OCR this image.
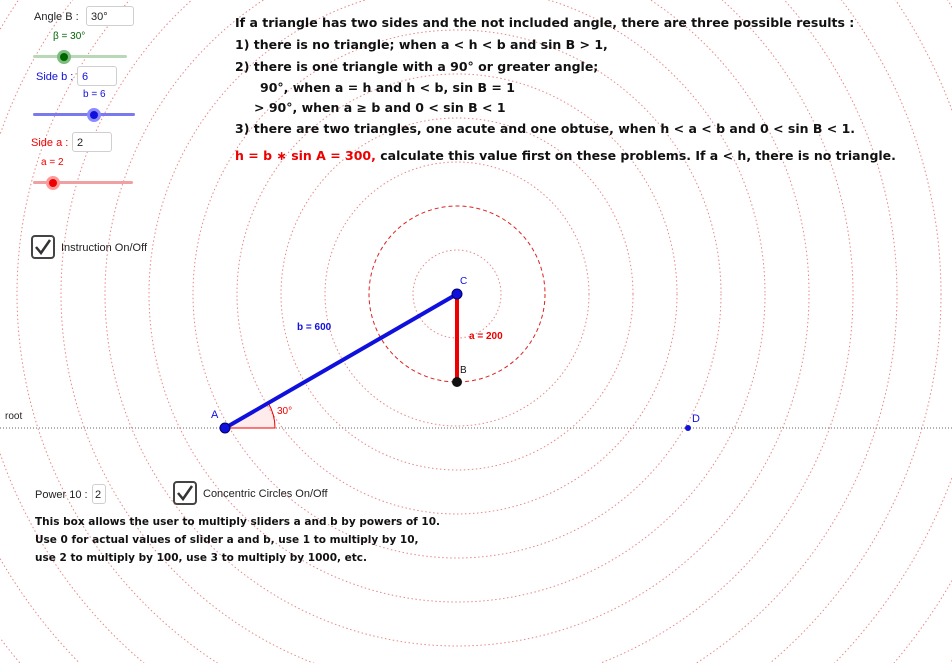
A
C
B
D
b = 600
a = 200
30°
root
Angle B :	30°
β = 30°
Side b : 6
b = 6
Side a : 2
a = 2
Instruction On/Off
If a triangle has two sides and the not included angle, there are three possible results :
1) there is no triangle; when a < h < b and sin B > 1,
2) there is one triangle with a 90° or greater angle;
90°, when a = h and h < b, sin B = 1
> 90°, when a ≥ b and 0 < sin B < 1
3) there are two triangles, one acute and one obtuse, when h < a < b and 0 < sin B < 1.
h = b ∗ sin A = 300, calculate this value first on these problems. If a < h, there is no triangle.
Power 10 : 2	Concentric Circles On/Off
This box allows the user to multiply sliders a and b by powers of 10.
Use 0 for actual values of slider a and b, use 1 to multiply by 10,
use 2 to multiply by 100, use 3 to multiply by 1000, etc.
